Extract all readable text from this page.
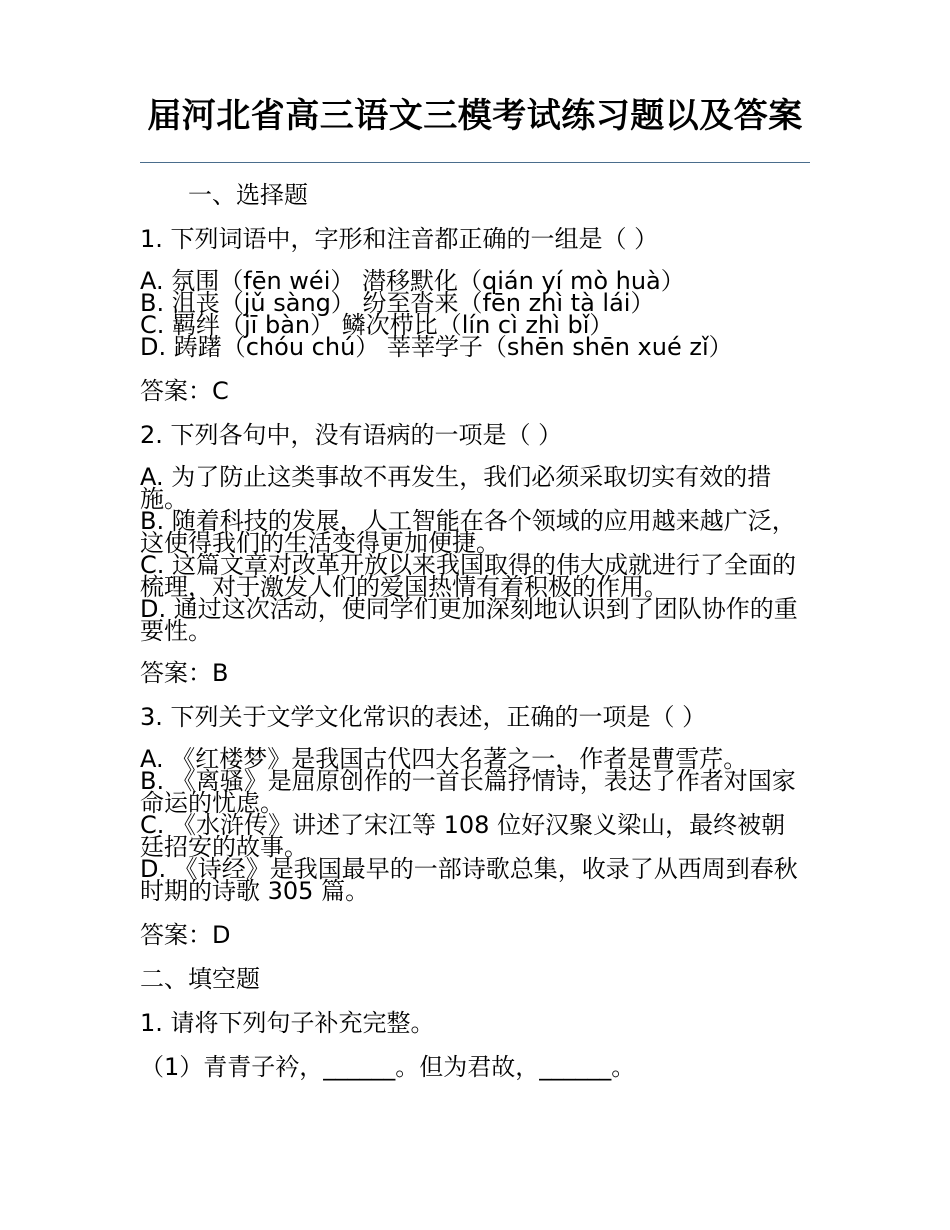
届河北省高三语文三模考试练习题以及答案
一、选择题
1. 下列词语中，字形和注音都正确的一组是（ ）
A. 氛围（fēn wéi） 潜移默化（qián yí mò huà）
B. 沮丧（jǔ sàng） 纷至沓来（fēn zhì tà lái）
C. 羁绊（jī bàn） 鳞次栉比（lín cì zhì bǐ）
D. 踌躇（chóu chú） 莘莘学子（shēn shēn xué zǐ）
答案：C
2. 下列各句中，没有语病的一项是（ ）
A. 为了防止这类事故不再发生，我们必须采取切实有效的措施。
B. 随着科技的发展，人工智能在各个领域的应用越来越广泛，这使得我们的生活变得更加便捷。
C. 这篇文章对改革开放以来我国取得的伟大成就进行了全面的梳理，对于激发人们的爱国热情有着积极的作用。
D. 通过这次活动，使同学们更加深刻地认识到了团队协作的重要性。
答案：B
3. 下列关于文学文化常识的表述，正确的一项是（ ）
A. 《红楼梦》是我国古代四大名著之一，作者是曹雪芹。
B. 《离骚》是屈原创作的一首长篇抒情诗，表达了作者对国家命运的忧虑。
C. 《水浒传》讲述了宋江等 108 位好汉聚义梁山，最终被朝廷招安的故事。
D. 《诗经》是我国最早的一部诗歌总集，收录了从西周到春秋时期的诗歌 305 篇。
答案：D
二、填空题
1. 请将下列句子补充完整。
（1）青青子衿，______。但为君故，______。
